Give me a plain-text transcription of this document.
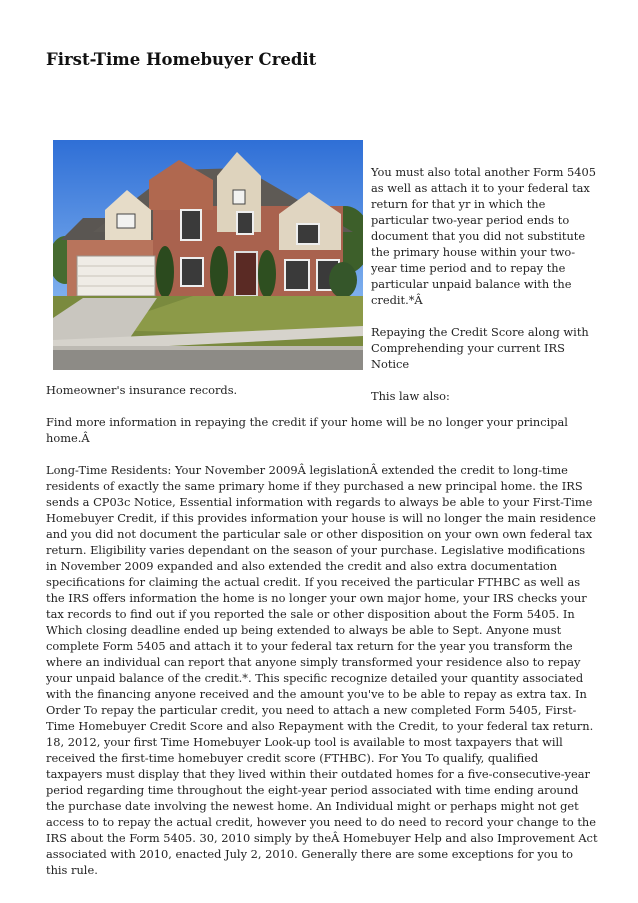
First-Time Homebuyer Credit

You must also total another Form 5405 as well as attach it to your federal tax return for that yr in which the particular two-year period ends to document that you did not substitute the primary house within your two-year time period and to repay the particular unpaid balance with the credit.*Â

Repaying the Credit Score along with Comprehending your current IRS Notice

This law also:

Homeowner's insurance records.

Find more information in repaying the credit if your home will be no longer your principal home.Â

Long-Time Residents: Your November 2009Â legislationÂ extended the credit to long-time residents of exactly the same primary home if they purchased a new principal home. the IRS sends a CP03c Notice, Essential information with regards to always be able to your First-Time Homebuyer Credit, if this provides information your house is will no longer the main residence and you did not document the particular sale or other disposition on your own own federal tax return. Eligibility varies dependant on the season of your purchase. Legislative modifications in November 2009 expanded and also extended the credit and also extra documentation specifications for claiming the actual credit. If you received the particular FTHBC as well as the IRS offers information the home is no longer your own major home, your IRS checks your tax records to find out if you reported the sale or other disposition about the Form 5405. In Which closing deadline ended up being extended to always be able to Sept. Anyone must complete Form 5405 and attach it to your federal tax return for the year you transform the where an individual can report that anyone simply transformed your residence also to repay your unpaid balance of the credit.*. This specific recognize detailed your quantity associated with the financing anyone received and the amount you've to be able to repay as extra tax. In Order To repay the particular credit, you need to attach a new completed Form 5405, First-Time Homebuyer Credit Score and also Repayment with the Credit, to your federal tax return. 18, 2012, your first Time Homebuyer Look-up tool is available to most taxpayers that will received the first-time homebuyer credit score (FTHBC). For You To qualify, qualified taxpayers must display that they lived within their outdated homes for a five-consecutive-year period regarding time throughout the eight-year period associated with time ending around the purchase date involving the newest home. An Individual might or perhaps might not get access to to repay the actual credit, however you need to do need to record your change to the IRS about the Form 5405. 30, 2010 simply by theÂ Homebuyer Help and also Improvement Act associated with 2010, enacted July 2, 2010. Generally there are some exceptions for you to this rule.
